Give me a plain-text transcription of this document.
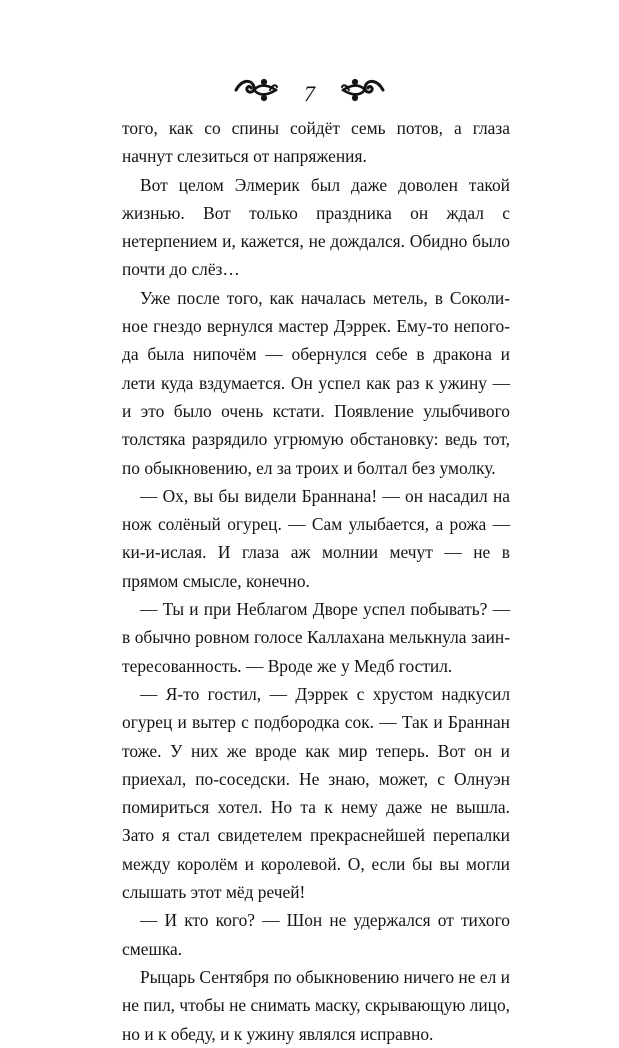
7

того, как со спины сойдёт семь потов, а глаза начнут слезиться от напряжения.

Вот целом Элмерик был даже доволен такой жизнью. Вот только праздника он ждал с нетерпением и, кажется, не дождался. Обидно было почти до слёз…

Уже после того, как началась метель, в Соколиное гнездо вернулся мастер Дэррек. Ему-то непогода была нипочём — обернулся себе в дракона и лети куда вздумается. Он успел как раз к ужину — и это было очень кстати. Появление улыбчивого толстяка разрядило угрюмую обстановку: ведь тот, по обыкновению, ел за троих и болтал без умолку.

— Ох, вы бы видели Браннана! — он насадил на нож солёный огурец. — Сам улыбается, а рожа — ки-и-ислая. И глаза аж молнии мечут — не в прямом смысле, конечно.

— Ты и при Неблагом Дворе успел побывать? — в обычно ровном голосе Каллахана мелькнула заинтересованность. — Вроде же у Медб гостил.

— Я-то гостил, — Дэррек с хрустом надкусил огурец и вытер с подбородка сок. — Так и Браннан тоже. У них же вроде как мир теперь. Вот он и приехал, по-соседски. Не знаю, может, с Олнуэн помириться хотел. Но та к нему даже не вышла. Зато я стал свидетелем прекраснейшей перепалки между королём и королевой. О, если бы вы могли слышать этот мёд речей!

— И кто кого? — Шон не удержался от тихого смешка.

Рыцарь Сентября по обыкновению ничего не ел и не пил, чтобы не снимать маску, скрывающую лицо, но и к обеду, и к ужину являлся исправно.
